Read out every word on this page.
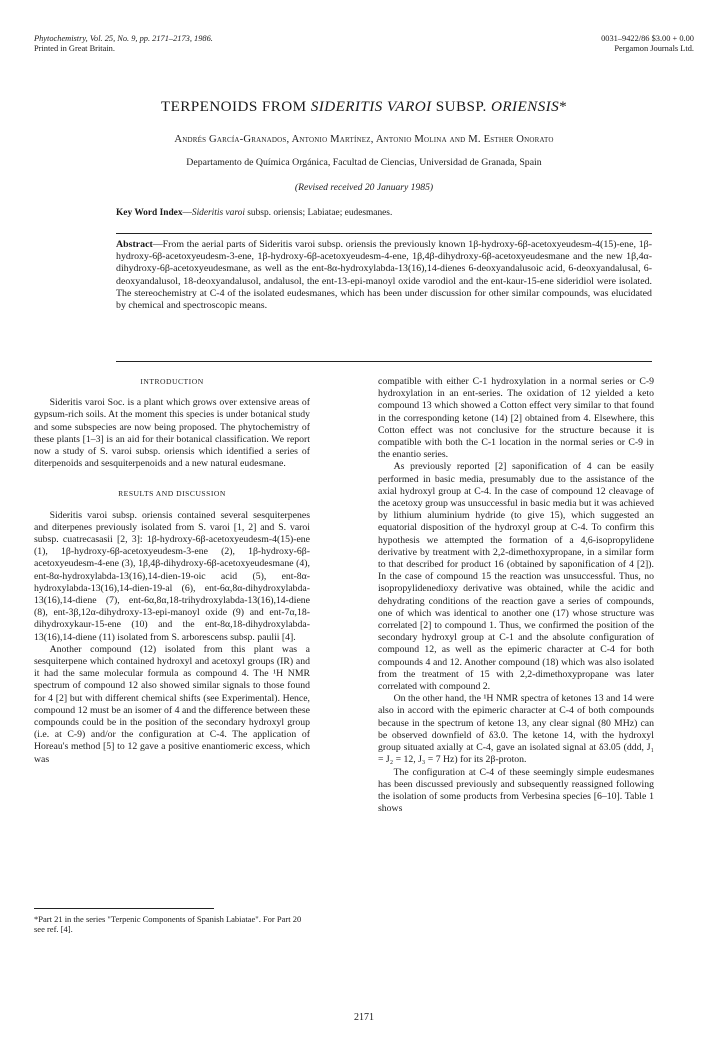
Phytochemistry, Vol. 25, No. 9, pp. 2171–2173, 1986.
Printed in Great Britain.
0031–9422/86 $3.00 + 0.00
Pergamon Journals Ltd.
TERPENOIDS FROM SIDERITIS VAROI SUBSP. ORIENSIS*
Andrés García-Granados, Antonio Martínez, Antonio Molina and M. Esther Onorato
Departamento de Química Orgánica, Facultad de Ciencias, Universidad de Granada, Spain
(Revised received 20 January 1985)
Key Word Index—Sideritis varoi subsp. oriensis; Labiatae; eudesmanes.
Abstract—From the aerial parts of Sideritis varoi subsp. oriensis the previously known 1β-hydroxy-6β-acetoxyeudesm-4(15)-ene, 1β-hydroxy-6β-acetoxyeudesm-3-ene, 1β-hydroxy-6β-acetoxyeudesm-4-ene, 1β,4β-dihydroxy-6β-acetoxyeudesmane and the new 1β,4α-dihydroxy-6β-acetoxyeudesmane, as well as the ent-8α-hydroxylabda-13(16),14-dienes 6-deoxyandalusoic acid, 6-deoxyandalusal, 6-deoxyandalusol, 18-deoxyandalusol, andalusol, the ent-13-epi-manoyl oxide varodiol and the ent-kaur-15-ene sideridiol were isolated. The stereochemistry at C-4 of the isolated eudesmanes, which has been under discussion for other similar compounds, was elucidated by chemical and spectroscopic means.
INTRODUCTION

Sideritis varoi Soc. is a plant which grows over extensive areas of gypsum-rich soils. At the moment this species is under botanical study and some subspecies are now being proposed. The phytochemistry of these plants [1–3] is an aid for their botanical classification. We report now a study of S. varoi subsp. oriensis which identified a series of diterpenoids and sesquiterpenoids and a new natural eudesmane.

RESULTS AND DISCUSSION

Sideritis varoi subsp. oriensis contained several sesquiterpenes and diterpenes previously isolated from S. varoi [1, 2] and S. varoi subsp. cuatrecasasii [2, 3]: 1β-hydroxy-6β-acetoxyeudesm-4(15)-ene (1), 1β-hydroxy-6β-acetoxyeudesm-3-ene (2), 1β-hydroxy-6β-acetoxyeudesm-4-ene (3), 1β,4β-dihydroxy-6β-acetoxyeudesmane (4), ent-8α-hydroxylabda-13(16),14-dien-19-oic acid (5), ent-8α-hydroxylabda-13(16),14-dien-19-al (6), ent-6α,8α-dihydroxylabda-13(16),14-diene (7), ent-6α,8α,18-trihydroxylabda-13(16),14-diene (8), ent-3β,12α-dihydroxy-13-epi-manoyl oxide (9) and ent-7α,18-dihydroxykaur-15-ene (10) and the ent-8α,18-dihydroxylabda-13(16),14-diene (11) isolated from S. arborescens subsp. paulii [4].

Another compound (12) isolated from this plant was a sesquiterpene which contained hydroxyl and acetoxyl groups (IR) and it had the same molecular formula as compound 4. The ¹H NMR spectrum of compound 12 also showed similar signals to those found for 4 [2] but with different chemical shifts (see Experimental). Hence, compound 12 must be an isomer of 4 and the difference between these compounds could be in the position of the secondary hydroxyl group (i.e. at C-9) and/or the configuration at C-4. The application of Horeau's method [5] to 12 gave a positive enantiomeric excess, which was

compatible with either C-1 hydroxylation in a normal series or C-9 hydroxylation in an ent-series. The oxidation of 12 yielded a keto compound 13 which showed a Cotton effect very similar to that found in the corresponding ketone (14) [2] obtained from 4. Elsewhere, this Cotton effect was not conclusive for the structure because it is compatible with both the C-1 location in the normal series or C-9 in the enantio series.

As previously reported [2] saponification of 4 can be easily performed in basic media, presumably due to the assistance of the axial hydroxyl group at C-4. In the case of compound 12 cleavage of the acetoxy group was unsuccessful in basic media but it was achieved by lithium aluminium hydride (to give 15), which suggested an equatorial disposition of the hydroxyl group at C-4. To confirm this hypothesis we attempted the formation of a 4,6-isopropylidene derivative by treatment with 2,2-dimethoxypropane, in a similar form to that described for product 16 (obtained by saponification of 4 [2]). In the case of compound 15 the reaction was unsuccessful. Thus, no isopropylidenedioxy derivative was obtained, while the acidic and dehydrating conditions of the reaction gave a series of compounds, one of which was identical to another one (17) whose structure was correlated [2] to compound 1. Thus, we confirmed the position of the secondary hydroxyl group at C-1 and the absolute configuration of compound 12, as well as the epimeric character at C-4 for both compounds 4 and 12. Another compound (18) which was also isolated from the treatment of 15 with 2,2-dimethoxypropane was later correlated with compound 2.

On the other hand, the ¹H NMR spectra of ketones 13 and 14 were also in accord with the epimeric character at C-4 of both compounds because in the spectrum of ketone 13, any clear signal (80 MHz) can be observed downfield of δ3.0. The ketone 14, with the hydroxyl group situated axially at C-4, gave an isolated signal at δ3.05 (ddd, J₁ = J₂ = 12, J₃ = 7 Hz) for its 2β-proton.

The configuration at C-4 of these seemingly simple eudesmanes has been discussed previously and subsequently reassigned following the isolation of some products from Verbesina species [6–10]. Table 1 shows

*Part 21 in the series "Terpenic Components of Spanish Labiatae". For Part 20 see ref. [4].
2171
